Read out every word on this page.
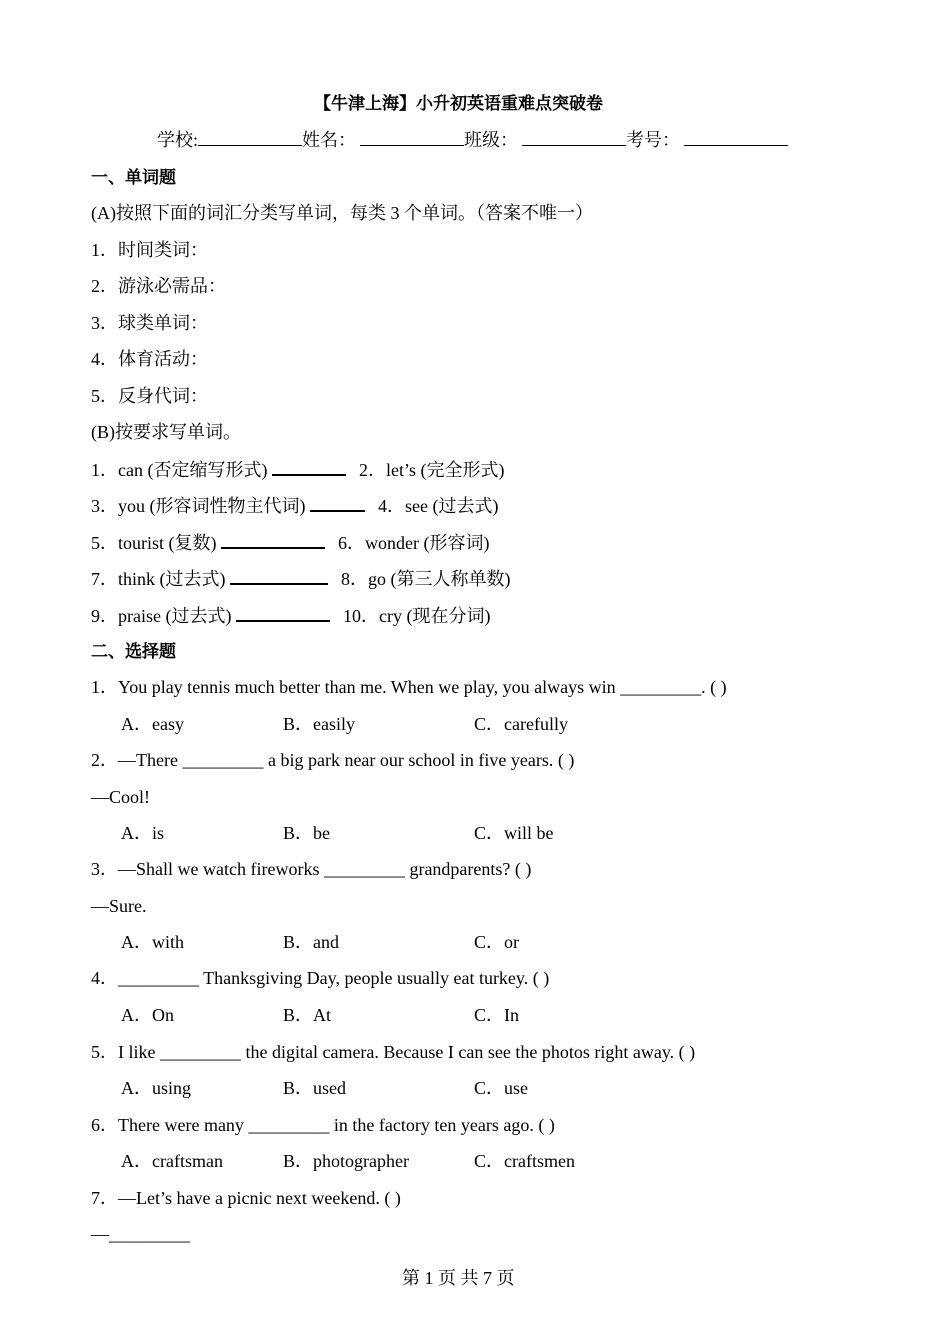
【牛津上海】小升初英语重难点突破卷
学校:	姓名：	班级：	考号：
一、单词题
(A)按照下面的词汇分类写单词，每类 3 个单词。（答案不唯一）
1．时间类词：
2．游泳必需品：
3．球类单词：
4．体育活动：
5．反身代词：
(B)按要求写单词。
1．can (否定缩写形式)	2．let’s (完全形式)
3．you (形容词性物主代词)	4．see (过去式)
5．tourist (复数)	6．wonder (形容词)
7．think (过去式)	8．go (第三人称单数)
9．praise (过去式)	10．cry (现在分词)
二、选择题
1．You play tennis much better than me. When we play, you always win _________. ( )
A．easy	B．easily	C．carefully
2．—There _________ a big park near our school in five years. ( )
—Cool!
A．is	B．be	C．will be
3．—Shall we watch fireworks _________ grandparents? ( )
—Sure.
A．with	B．and	C．or
4．_________ Thanksgiving Day, people usually eat turkey. ( )
A．On	B．At	C．In
5．I like _________ the digital camera. Because I can see the photos right away. ( )
A．using	B．used	C．use
6．There were many _________ in the factory ten years ago. ( )
A．craftsman	B．photographer	C．craftsmen
7．—Let’s have a picnic next weekend. ( )
—_________
第 1 页 共 7 页
